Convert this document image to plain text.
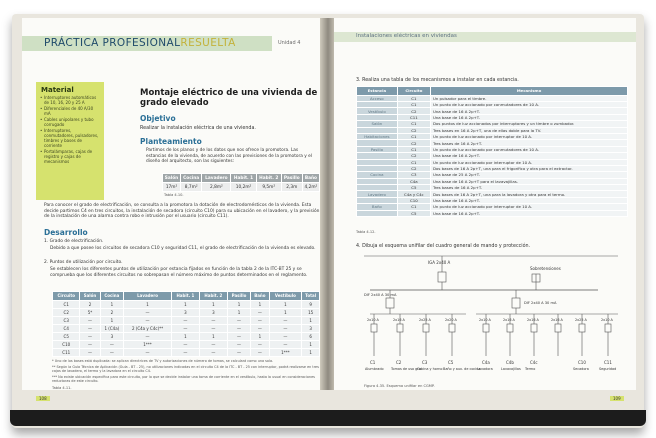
PRÁCTICA PROFESIONALRESUELTA	Unidad 4
Material
• Interruptores automáticos de 10, 16, 20 y 25 A
• Diferenciales de 40 A/30 mA
• Cables unipolares y tubo corrugado
• Interruptores, conmutadores, pulsadores, timbres y bases de corriente
• Portalámparas, cajas de registro y cajas de mecanismos
Montaje eléctrico de una vivienda de grado elevado
Objetivo
Realizar la instalación eléctrica de una vivienda.
Planteamiento
Partimos de los planos y de los datos que nos ofrece la promotora. Las estancias de la vivienda, de acuerdo con las previsiones de la promotora y el diseño del arquitecto, son las siguientes:
Salón	Cocina	Lavadero	Habit. 1	Habit. 2	Pasillo	Baño
17m²	8,7m²	2,8m²	10,2m²	9,5m²	2,3m	4,2m²
Tabla 4.10.
Para conocer el grado de electrificación, se consulta a la promotora la dotación de electrodomésticos de la vivienda. Esta decide partimos C4 en tres circuitos, la instalación de secadora (circuito C10) para su ubicación en el lavadero, y la previsión de la instalación de una alarma contra robo e intrusión por el usuario (circuito C11).
Desarrollo
1. Grado de electrificación.
Debido a que posee los circuitos de secadora C10 y seguridad C11, el grado de electrificación de la vivienda es elevado.
2. Puntos de utilización por circuito.
Se establecen los diferentes puntos de utilización por estancia fijados en función de la tabla 2 de la ITC-BT 25 y se comprueba que los diferentes circuitos no sobrepasan el número máximo de puntos determinados en el reglamento.
Circuito	Salón	Cocina	Lavadero	Habit. 1	Habit. 2	Pasillo	Baño	Vestíbulo	Total
C1	2	1	1	1	1	1	1	1	9
C2	5*	2	—	3	3	1	—	1	15
C3	—	1	—	—	—	—	—	—	1
C4	—	1 (C4a)	2 (C4a y C4c)**	—	—	—	—	—	3
C5	—	3	—	1	1	—	1	—	6
C10	—	—	1***	—	—	—	—	—	1
C11	—	—	—	—	—	—	—	1***	1
* Uno de los bases está duplicada: se aplican directrices de TV y autorizaciones de número de tomas, se calculará como una sola.
** Según la Guía Técnica de Aplicación (Guía - BT - 25), no utilizaciones indicadas en el circuito C4 de la ITC - BT - 25 con interruptor, podrá realizarse en tres cajas de lavadero, el termo y la lavadora en el circuito C4.
*** No existe ubicación específica para este circuito, por lo que se decide instalar una toma de corriente en el vestíbulo, hasta la usual en consideraciones reductoras de este circuito.
Tabla 4.11.
108
Instalaciones eléctricas en viviendas
3. Realiza una tabla de los mecanismos a instalar en cada estancia.
Estancia	Circuito	Mecanismo
Acceso	C1	Un pulsador para el timbre.
	C1	Un punto de luz accionado por conmutadores de 10 A.
Vestíbulo	C2	Una base de 16 A 2p+T.
	C11	Una base de 16 A 2p+T.
Salón	C1	Dos puntos de luz accionados por interruptores y un timbre o zumbador.
	C2	Tres bases en 16 A 2p+T, una de ellas doble para la TV.
Habitaciones	C1	Un punto de luz accionado por interruptor de 10 A.
	C2	Tres bases de 16 A 2p+T.
Pasillo	C1	Un punto de luz accionado por conmutadores de 10 A.
	C2	Una base de 16 A 2p+T.
	C1	Un punto de luz accionado por interruptor de 10 A.
	C2	Dos bases de 16 A 2p+T, una para el frigorífico y otra para el extractor.
Cocina	C3	Una base de 25 A 2p+T.
	C4a	Una base de 16 A 2p+T para el lavavajillas.
	C5	Tres bases de 16 A 2p+T.
Lavadero	C4a y C4c	Dos bases de 16 A 2p+T, una para la lavadora y otra para el termo.
	C10	Una base de 16 A 2p+T.
Baño	C1	Un punto de luz accionado por interruptor de 10 A.
	C5	Una base de 16 A 2p+T.
Tabla 4.12.
4. Dibuja el esquema unifilar del cuadro general de mando y protección.
IGA 2x40 A
Sobretensiones
DIF 2x40 A 30 mA
DIF 2x40 A 30 mA
2x10 A	2x16 A	2x25 A	2x20 A	2x10 A	2x16 A	2x16 A	2x16 A	2x25 A	2x10 A
C1
Alumbrado
C2
Tomas de uso gral.
C3
Cocina y horno
C5
Baño y aux. de cocina
C4a
Lavadora
C4b
Lavavajillas
C4c
Termo
C10
Secadora
C11
Seguridad
Figura 4.35. Esquema unifilar en CGMP.
109
